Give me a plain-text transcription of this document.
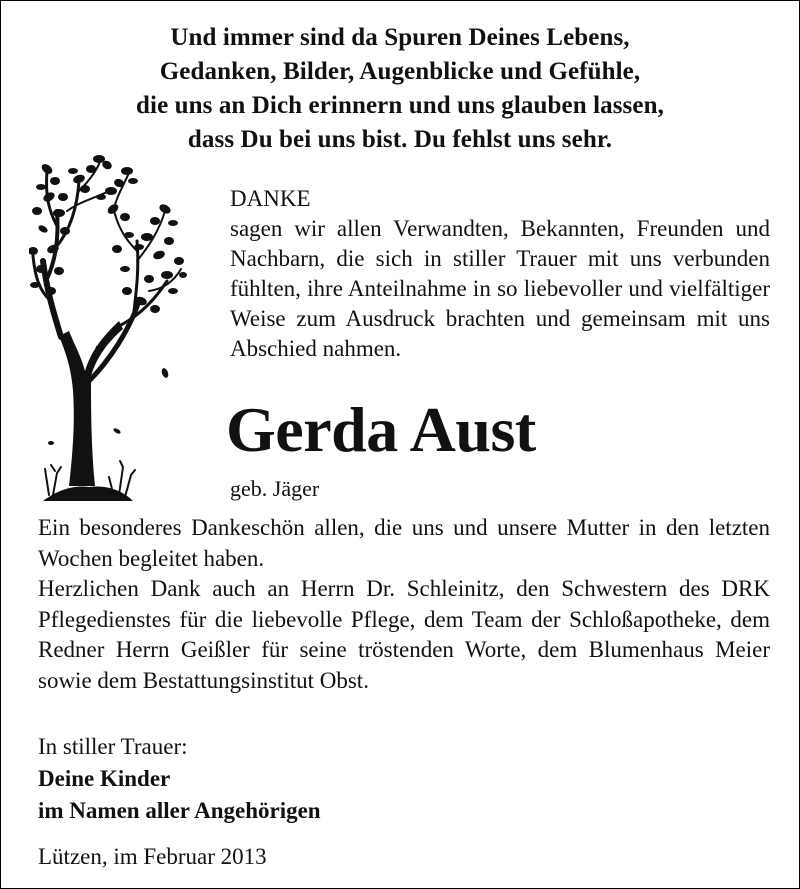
Und immer sind da Spuren Deines Lebens,
Gedanken, Bilder, Augenblicke und Gefühle,
die uns an Dich erinnern und uns glauben lassen,
dass Du bei uns bist. Du fehlst uns sehr.
DANKE
sagen wir allen Verwandten, Bekannten, Freunden und Nachbarn, die sich in stiller Trauer mit uns verbunden fühlten, ihre Anteilnahme in so liebevoller und vielfältiger Weise zum Ausdruck brachten und gemeinsam mit uns Abschied nahmen.
Gerda Aust
geb. Jäger

Ein besonderes Dankeschön allen, die uns und unsere Mutter in den letzten Wochen begleitet haben.

Herzlichen Dank auch an Herrn Dr. Schleinitz, den Schwestern des DRK Pflegedienstes für die liebevolle Pflege, dem Team der Schloßapotheke, dem Redner Herrn Geißler für seine tröstenden Worte, dem Blumenhaus Meier sowie dem Bestattungsinstitut Obst.

In stiller Trauer:
Deine Kinder
im Namen aller Angehörigen
Lützen, im Februar 2013
